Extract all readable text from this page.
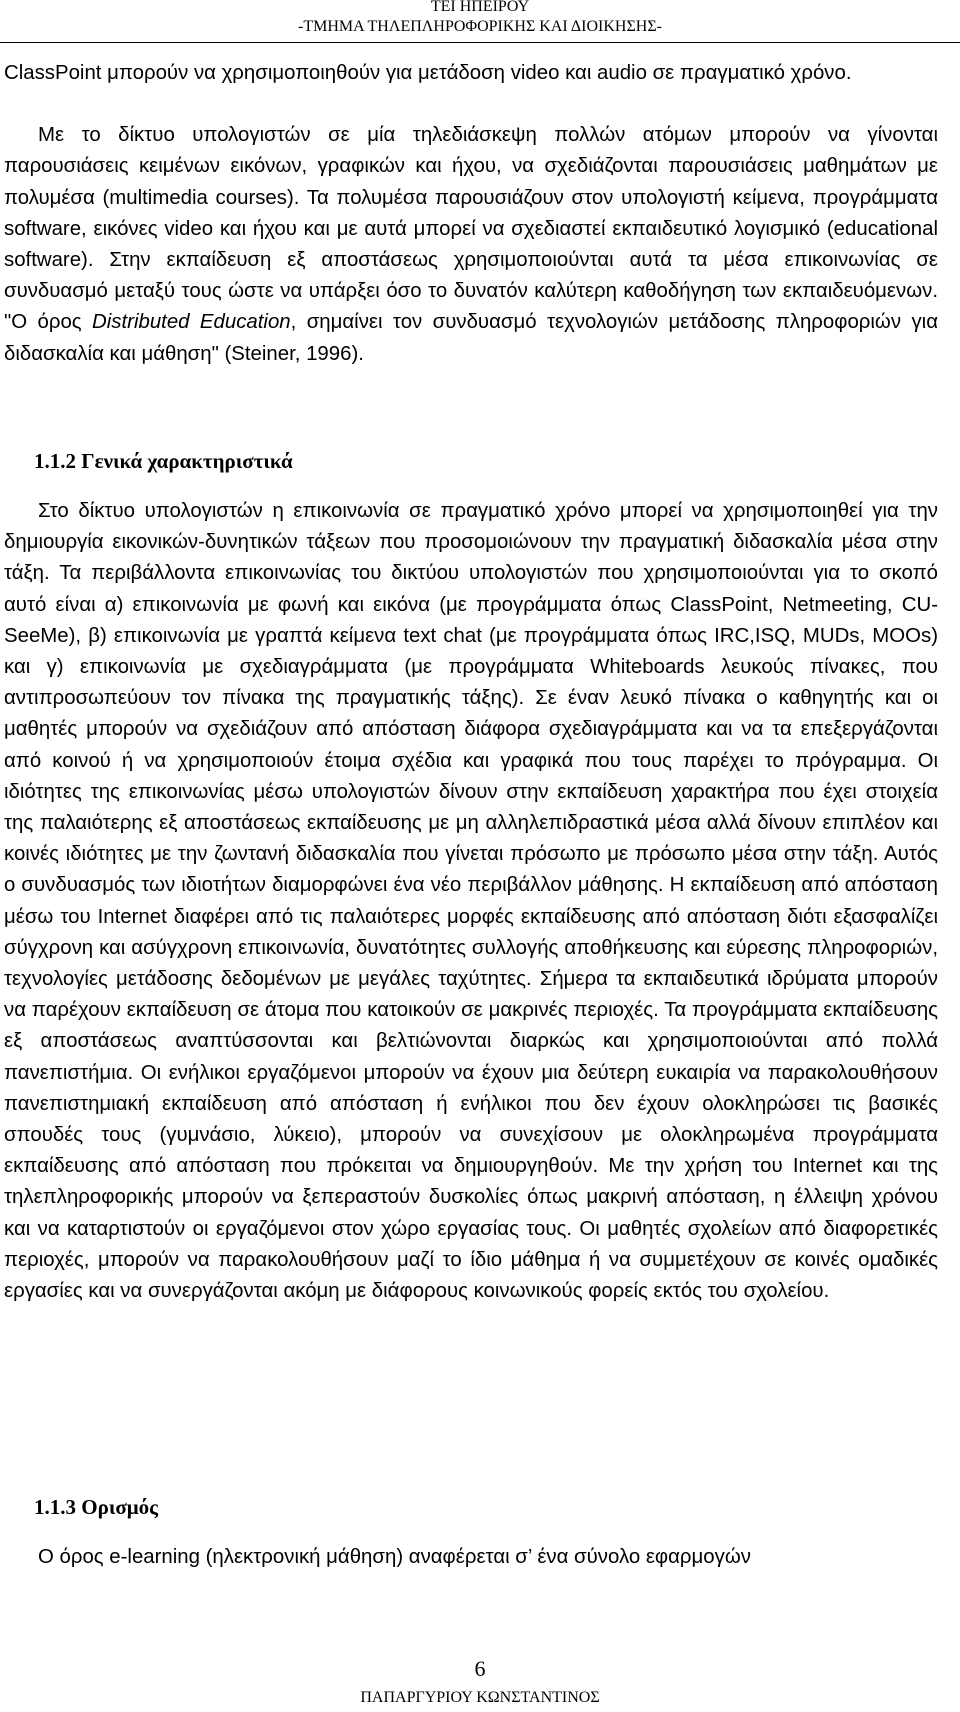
ΤΕΙ ΗΠΕΙΡΟΥ
-ΤΜΗΜΑ ΤΗΛΕΠΛΗΡΟΦΟΡΙΚΗΣ ΚΑΙ ΔΙΟΙΚΗΣΗΣ-

ClassPoint μπορούν να χρησιμοποιηθούν για μετάδοση video και audio σε πραγματικό χρόνο.

Με το δίκτυο υπολογιστών σε μία τηλεδιάσκεψη πολλών ατόμων μπορούν να γίνονται παρουσιάσεις κειμένων εικόνων, γραφικών και ήχου, να σχεδιάζονται παρουσιάσεις μαθημάτων με πολυμέσα (multimedia courses). Τα πολυμέσα παρουσιάζουν στον υπολογιστή κείμενα, προγράμματα software, εικόνες video και ήχου και με αυτά μπορεί να σχεδιαστεί εκπαιδευτικό λογισμικό (educational software). Στην εκπαίδευση εξ αποστάσεως χρησιμοποιούνται αυτά τα μέσα επικοινωνίας σε συνδυασμό μεταξύ τους ώστε να υπάρξει όσο το δυνατόν καλύτερη καθοδήγηση των εκπαιδευόμενων. "Ο όρος Distributed Education, σημαίνει τον συνδυασμό τεχνολογιών μετάδοσης πληροφοριών για διδασκαλία και μάθηση" (Steiner, 1996).

1.1.2 Γενικά χαρακτηριστικά

Στο δίκτυο υπολογιστών η επικοινωνία σε πραγματικό χρόνο μπορεί να χρησιμοποιηθεί για την δημιουργία εικονικών-δυνητικών τάξεων που προσομοιώνουν την πραγματική διδασκαλία μέσα στην τάξη. Τα περιβάλλοντα επικοινωνίας του δικτύου υπολογιστών που χρησιμοποιούνται για το σκοπό αυτό είναι α) επικοινωνία με φωνή και εικόνα (με προγράμματα όπως ClassPoint, Netmeeting, CU-SeeMe), β) επικοινωνία με γραπτά κείμενα text chat (με προγράμματα όπως IRC,ISQ, MUDs, MOOs) και γ) επικοινωνία με σχεδιαγράμματα (με προγράμματα Whiteboards λευκούς πίνακες, που αντιπροσωπεύουν τον πίνακα της πραγματικής τάξης). Σε έναν λευκό πίνακα ο καθηγητής και οι μαθητές μπορούν να σχεδιάζουν από απόσταση διάφορα σχεδιαγράμματα και να τα επεξεργάζονται από κοινού ή να χρησιμοποιούν έτοιμα σχέδια και γραφικά που τους παρέχει το πρόγραμμα. Οι ιδιότητες της επικοινωνίας μέσω υπολογιστών δίνουν στην εκπαίδευση χαρακτήρα που έχει στοιχεία της παλαιότερης εξ αποστάσεως εκπαίδευσης με μη αλληλεπιδραστικά μέσα αλλά δίνουν επιπλέον και κοινές ιδιότητες με την ζωντανή διδασκαλία που γίνεται πρόσωπο με πρόσωπο μέσα στην τάξη. Αυτός ο συνδυασμός των ιδιοτήτων διαμορφώνει ένα νέο περιβάλλον μάθησης. Η εκπαίδευση από απόσταση μέσω του Internet διαφέρει από τις παλαιότερες μορφές εκπαίδευσης από απόσταση διότι εξασφαλίζει σύγχρονη και ασύγχρονη επικοινωνία, δυνατότητες συλλογής αποθήκευσης και εύρεσης πληροφοριών, τεχνολογίες μετάδοσης δεδομένων με μεγάλες ταχύτητες. Σήμερα τα εκπαιδευτικά ιδρύματα μπορούν να παρέχουν εκπαίδευση σε άτομα που κατοικούν σε μακρινές περιοχές. Τα προγράμματα εκπαίδευσης εξ αποστάσεως αναπτύσσονται και βελτιώνονται διαρκώς και χρησιμοποιούνται από πολλά πανεπιστήμια. Οι ενήλικοι εργαζόμενοι μπορούν να έχουν μια δεύτερη ευκαιρία να παρακολουθήσουν πανεπιστημιακή εκπαίδευση από απόσταση ή ενήλικοι που δεν έχουν ολοκληρώσει τις βασικές σπουδές τους (γυμνάσιο, λύκειο), μπορούν να συνεχίσουν με ολοκληρωμένα προγράμματα εκπαίδευσης από απόσταση που πρόκειται να δημιουργηθούν. Με την χρήση του Internet και της τηλεπληροφορικής μπορούν να ξεπεραστούν δυσκολίες όπως μακρινή απόσταση, η έλλειψη χρόνου και να καταρτιστούν οι εργαζόμενοι στον χώρο εργασίας τους. Οι μαθητές σχολείων από διαφορετικές περιοχές, μπορούν να παρακολουθήσουν μαζί το ίδιο μάθημα ή να συμμετέχουν σε κοινές ομαδικές εργασίες και να συνεργάζονται ακόμη με διάφορους κοινωνικούς φορείς εκτός του σχολείου.

1.1.3 Ορισμός

Ο όρος e-learning (ηλεκτρονική μάθηση) αναφέρεται σ’ ένα σύνολο εφαρμογών

6
ΠΑΠΑΡΓΥΡΙΟΥ ΚΩΝΣΤΑΝΤΙΝΟΣ
